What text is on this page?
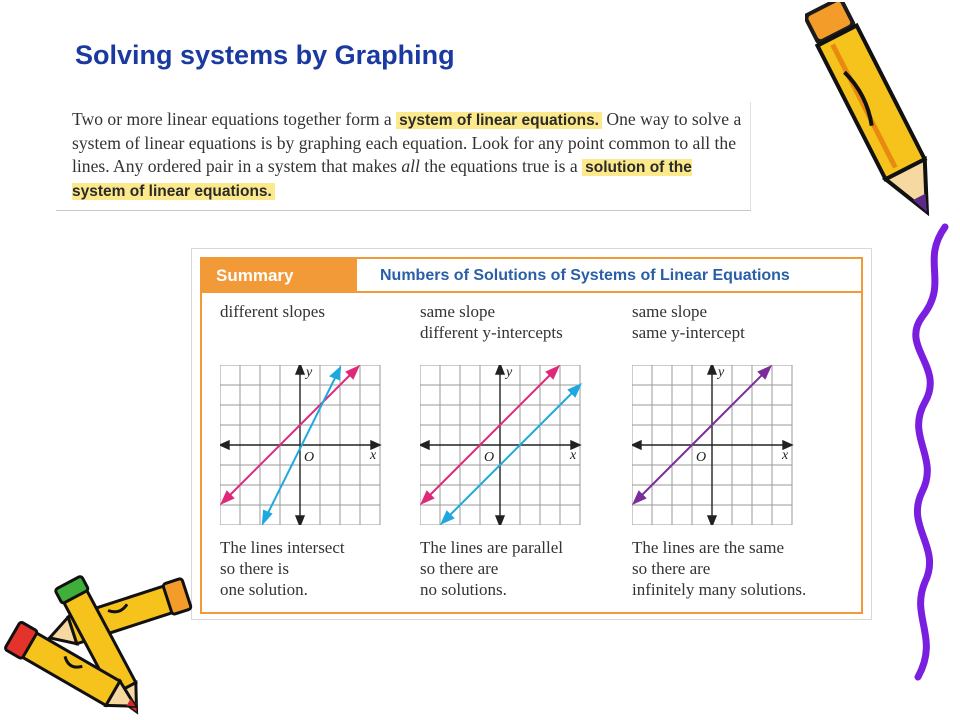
Solving systems by Graphing

Two or more linear equations together form a system of linear equations. One way to solve a system of linear equations is by graphing each equation. Look for any point common to all the lines. Any ordered pair in a system that makes all the equations true is a solution of the system of linear equations.

Summary	Numbers of Solutions of Systems of Linear Equations
different slopes
y
x
O
The lines intersect
so there is
one solution.
same slope
different y-intercepts
y
x
O
The lines are parallel
so there are
no solutions.
same slope
same y-intercept
y
x
O
The lines are the same
so there are
infinitely many solutions.
